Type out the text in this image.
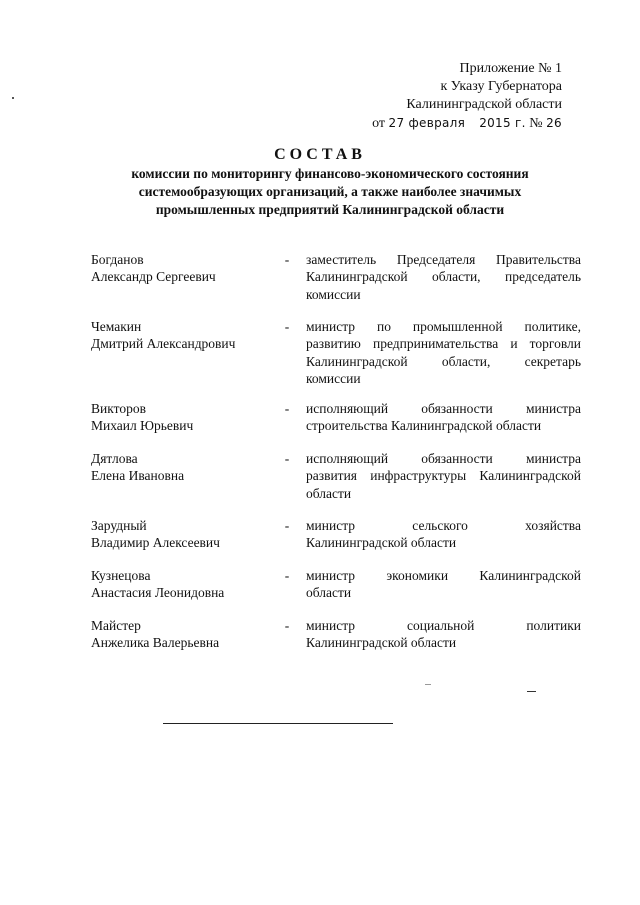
Приложение № 1
к Указу Губернатора
Калининградской области
от 27 февраля 2015 г. № 26
СОСТАВ
комиссии по мониторингу финансово-экономического состояния
системообразующих организаций, а также наиболее значимых
промышленных предприятий Калининградской области
Богданов
Александр Сергеевич
- заместитель Председателя Правительства
Калининградской области, председатель
комиссии
Чемакин
Дмитрий Александрович
- министр по промышленной политике,
развитию предпринимательства и торговли
Калининградской области, секретарь
комиссии
Викторов
Михаил Юрьевич
- исполняющий обязанности министра
строительства Калининградской области
Дятлова
Елена Ивановна
- исполняющий обязанности министра
развития инфраструктуры Калининградской
области
Зарудный
Владимир Алексеевич
- министр сельского хозяйства
Калининградской области
Кузнецова
Анастасия Леонидовна
- министр экономики Калининградской
области
Майстер
Анжелика Валерьевна
- министр социальной политики
Калининградской области
